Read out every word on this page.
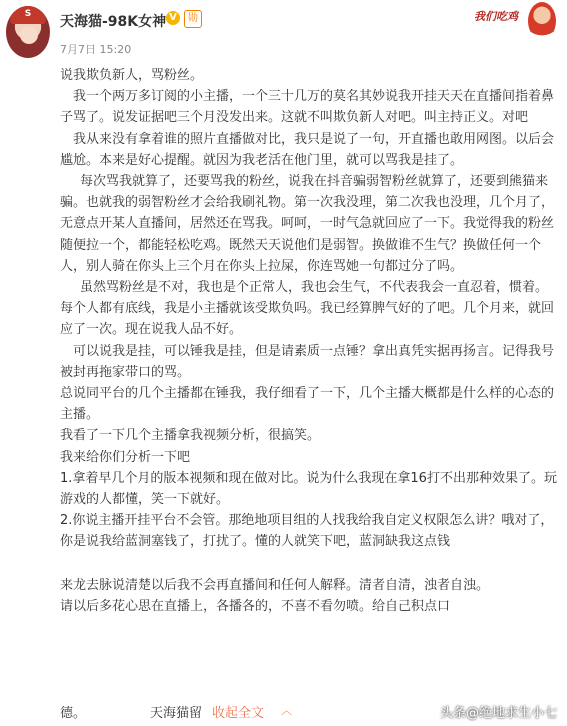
S	天海猫-98K女神 V	勋
7月7日 15:20
我们吃鸡

说我欺负新人，骂粉丝。

我一个两万多订阅的小主播，一个三十几万的莫名其妙说我开挂天天在直播间指着鼻子骂了。说发证据吧三个月没发出来。这就不叫欺负新人对吧。叫主持正义。对吧

我从来没有拿着谁的照片直播做对比，我只是说了一句，开直播也敢用网图。以后会尴尬。本来是好心提醒。就因为我老活在他门里，就可以骂我是挂了。

每次骂我就算了，还要骂我的粉丝，说我在抖音骗弱智粉丝就算了，还要到熊猫来骗。也就我的弱智粉丝才会给我刷礼物。第一次我没理，第二次我也没理，几个月了，无意点开某人直播间，居然还在骂我。呵呵，一时气急就回应了一下。我觉得我的粉丝随便拉一个，都能轻松吃鸡。既然天天说他们是弱智。换做谁不生气？换做任何一个人，别人骑在你头上三个月在你头上拉屎，你连骂她一句都过分了吗。

虽然骂粉丝是不对，我也是个正常人，我也会生气，不代表我会一直忍着，惯着。每个人都有底线，我是小主播就该受欺负吗。我已经算脾气好的了吧。几个月来，就回应了一次。现在说我人品不好。

可以说我是挂，可以锤我是挂，但是请素质一点锤？拿出真凭实据再扬言。记得我号被封再拖家带口的骂。

总说同平台的几个主播都在锤我，我仔细看了一下，几个主播大概都是什么样的心态的主播。

我看了一下几个主播拿我视频分析，很搞笑。

我来给你们分析一下吧

1.拿着早几个月的版本视频和现在做对比。说为什么我现在拿16打不出那种效果了。玩游戏的人都懂，笑一下就好。

2.你说主播开挂平台不会管。那绝地项目组的人找我给我自定义权限怎么讲？哦对了，你是说我给蓝洞塞钱了，打扰了。懂的人就笑下吧，蓝洞缺我这点钱

来龙去脉说清楚以后我不会再直播间和任何人解释。清者自清，浊者自浊。

请以后多花心思在直播上，各播各的，不喜不看勿喷。给自己积点口

德。	天海猫留 收起全文 ︿	头条@绝地求生小七
